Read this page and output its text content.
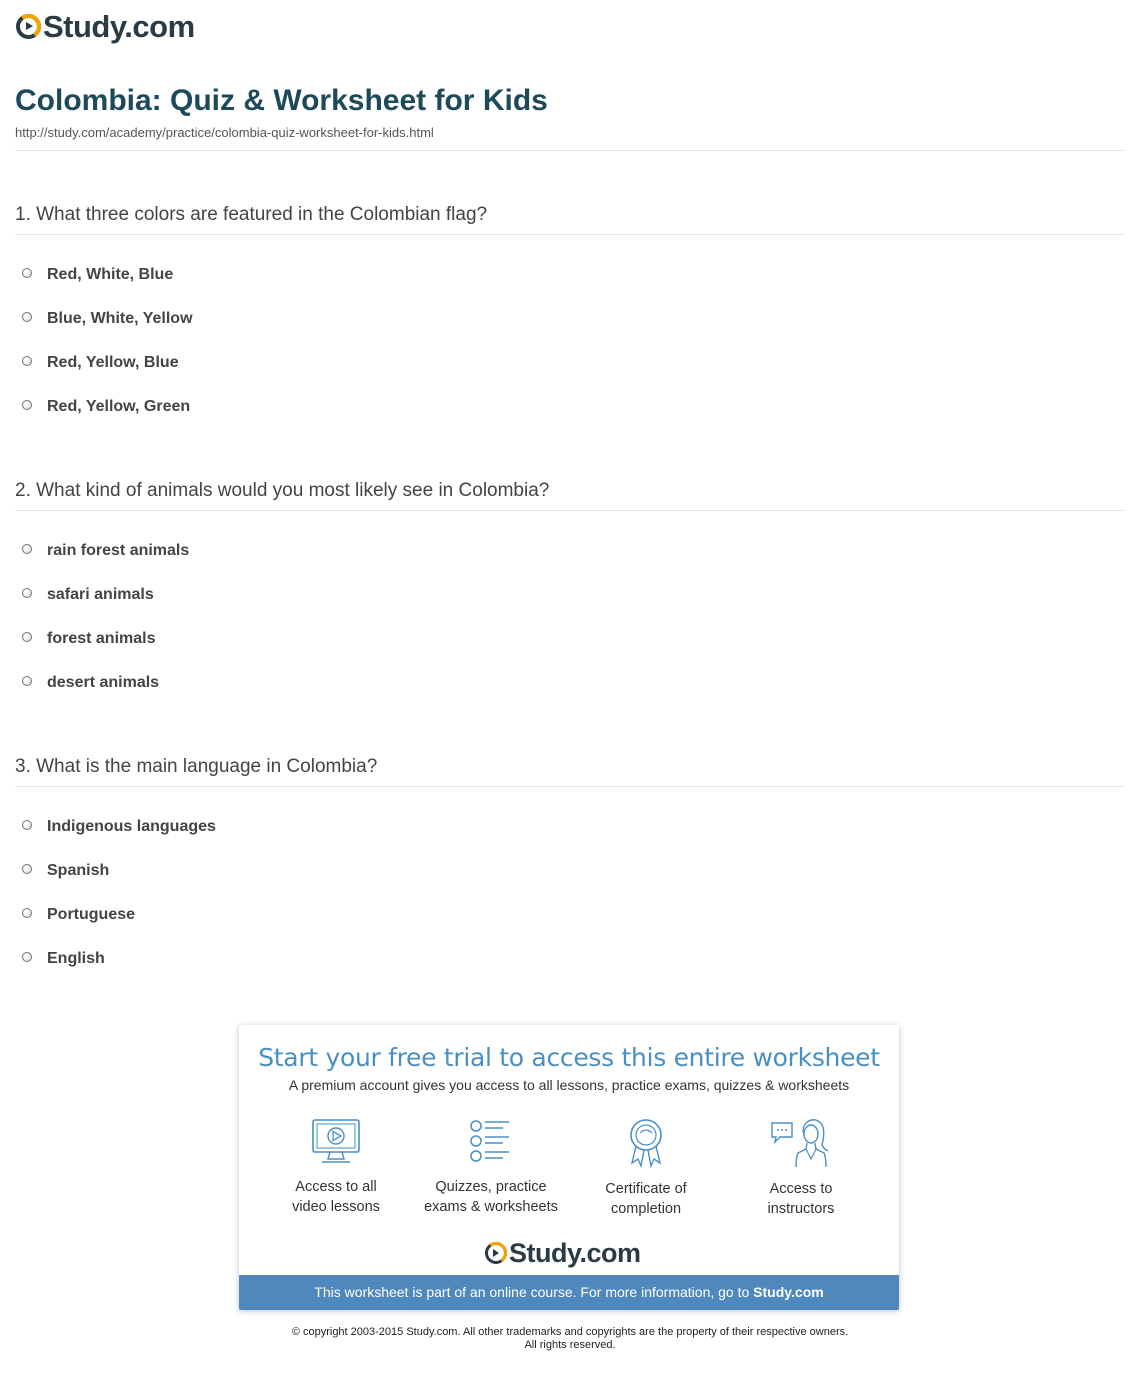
Study.com
Colombia: Quiz & Worksheet for Kids
http://study.com/academy/practice/colombia-quiz-worksheet-for-kids.html
1. What three colors are featured in the Colombian flag?
Red, White, Blue
Blue, White, Yellow
Red, Yellow, Blue
Red, Yellow, Green
2. What kind of animals would you most likely see in Colombia?
rain forest animals
safari animals
forest animals
desert animals
3. What is the main language in Colombia?
Indigenous languages
Spanish
Portuguese
English
Start your free trial to access this entire worksheet
A premium account gives you access to all lessons, practice exams, quizzes & worksheets
Access to all
video lessons
Quizzes, practice
exams & worksheets
Certificate of
completion
Access to
instructors
Study.com
This worksheet is part of an online course. For more information, go to Study.com
© copyright 2003-2015 Study.com. All other trademarks and copyrights are the property of their respective owners.
All rights reserved.
